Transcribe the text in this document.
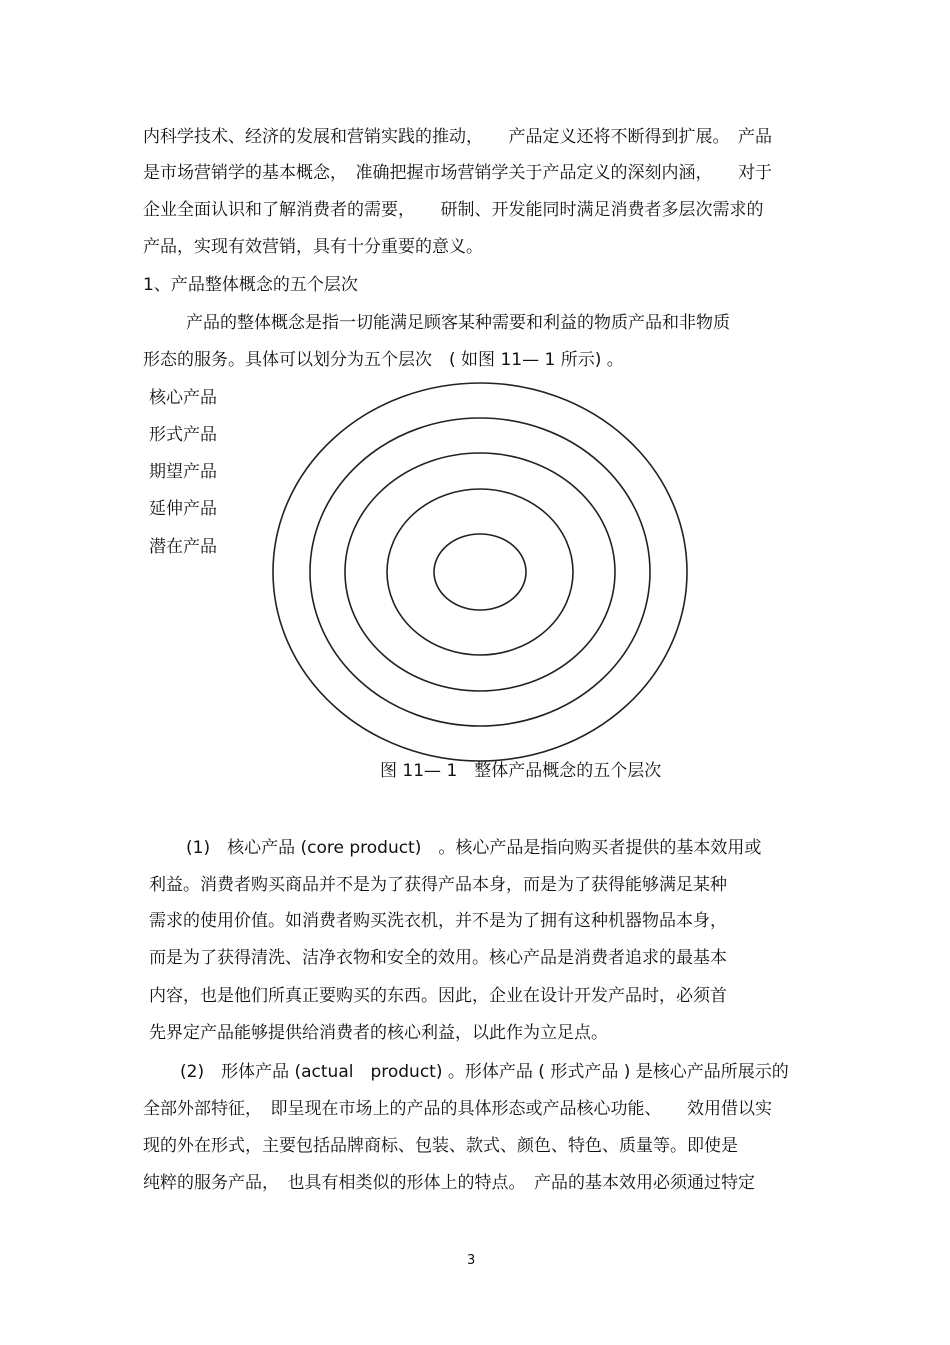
内科学技术、经济的发展和营销实践的推动，　　产品定义还将不断得到扩展。　产品
是市场营销学的基本概念，　准确把握市场营销学关于产品定义的深刻内涵，　　对于
企业全面认识和了解消费者的需要，　　研制、开发能同时满足消费者多层次需求的
产品，实现有效营销，具有十分重要的意义。
1、产品整体概念的五个层次
产品的整体概念是指一切能满足顾客某种需要和利益的物质产品和非物质
形态的服务。具体可以划分为五个层次　( 如图 11— 1 所示) 。
核心产品
形式产品
期望产品
延伸产品
潜在产品
图 11— 1　整体产品概念的五个层次
(1)　核心产品 (core product)　。核心产品是指向购买者提供的基本效用或
利益。消费者购买商品并不是为了获得产品本身，而是为了获得能够满足某种
需求的使用价值。如消费者购买洗衣机，并不是为了拥有这种机器物品本身，
而是为了获得清洗、洁净衣物和安全的效用。核心产品是消费者追求的最基本
内容，也是他们所真正要购买的东西。因此，企业在设计开发产品时，必须首
先界定产品能够提供给消费者的核心利益，以此作为立足点。
(2)　形体产品 (actual　product) 。形体产品 ( 形式产品 ) 是核心产品所展示的
全部外部特征，　即呈现在市场上的产品的具体形态或产品核心功能、　　效用借以实
现的外在形式，主要包括品牌商标、包装、款式、颜色、特色、质量等。即使是
纯粹的服务产品，　也具有相类似的形体上的特点。　产品的基本效用必须通过特定
3
